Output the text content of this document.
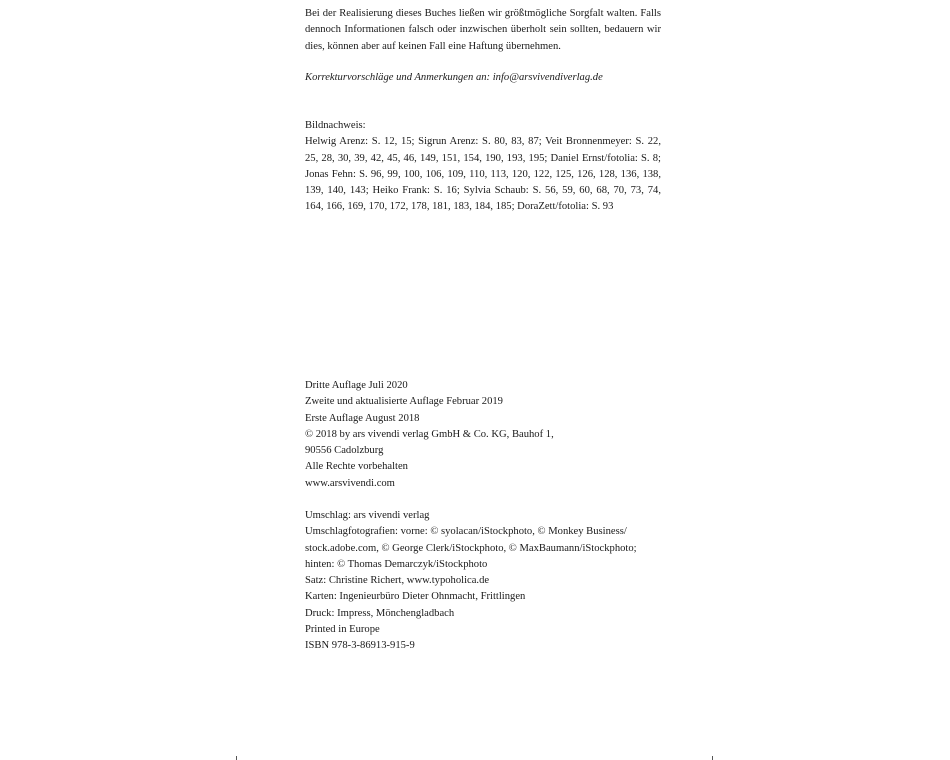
Bei der Realisierung dieses Buches ließen wir größtmögliche Sorgfalt walten. Falls dennoch Informationen falsch oder inzwischen überholt sein sollten, bedauern wir dies, können aber auf keinen Fall eine Haftung übernehmen.

Korrekturvorschläge und Anmerkungen an: info@arsvivendiverlag.de
Bildnachweis:
Helwig Arenz: S. 12, 15; Sigrun Arenz: S. 80, 83, 87; Veit Bronnenmeyer: S. 22, 25, 28, 30, 39, 42, 45, 46, 149, 151, 154, 190, 193, 195; Daniel Ernst/fotolia: S. 8; Jonas Fehn: S. 96, 99, 100, 106, 109, 110, 113, 120, 122, 125, 126, 128, 136, 138, 139, 140, 143; Heiko Frank: S. 16; Sylvia Schaub: S. 56, 59, 60, 68, 70, 73, 74, 164, 166, 169, 170, 172, 178, 181, 183, 184, 185; DoraZett/fotolia: S. 93
Dritte Auflage Juli 2020
Zweite und aktualisierte Auflage Februar 2019
Erste Auflage August 2018
© 2018 by ars vivendi verlag GmbH & Co. KG, Bauhof 1,
90556 Cadolzburg
Alle Rechte vorbehalten
www.arsvivendi.com
Umschlag: ars vivendi verlag
Umschlagfotografien: vorne: © syolacan/iStockphoto, © Monkey Business/
stock.adobe.com, © George Clerk/iStockphoto, © MaxBaumann/iStockphoto;
hinten: © Thomas Demarczyk/iStockphoto
Satz: Christine Richert, www.typoholica.de
Karten: Ingenieurbüro Dieter Ohnmacht, Frittlingen
Druck: Impress, Mönchengladbach
Printed in Europe
ISBN 978-3-86913-915-9
